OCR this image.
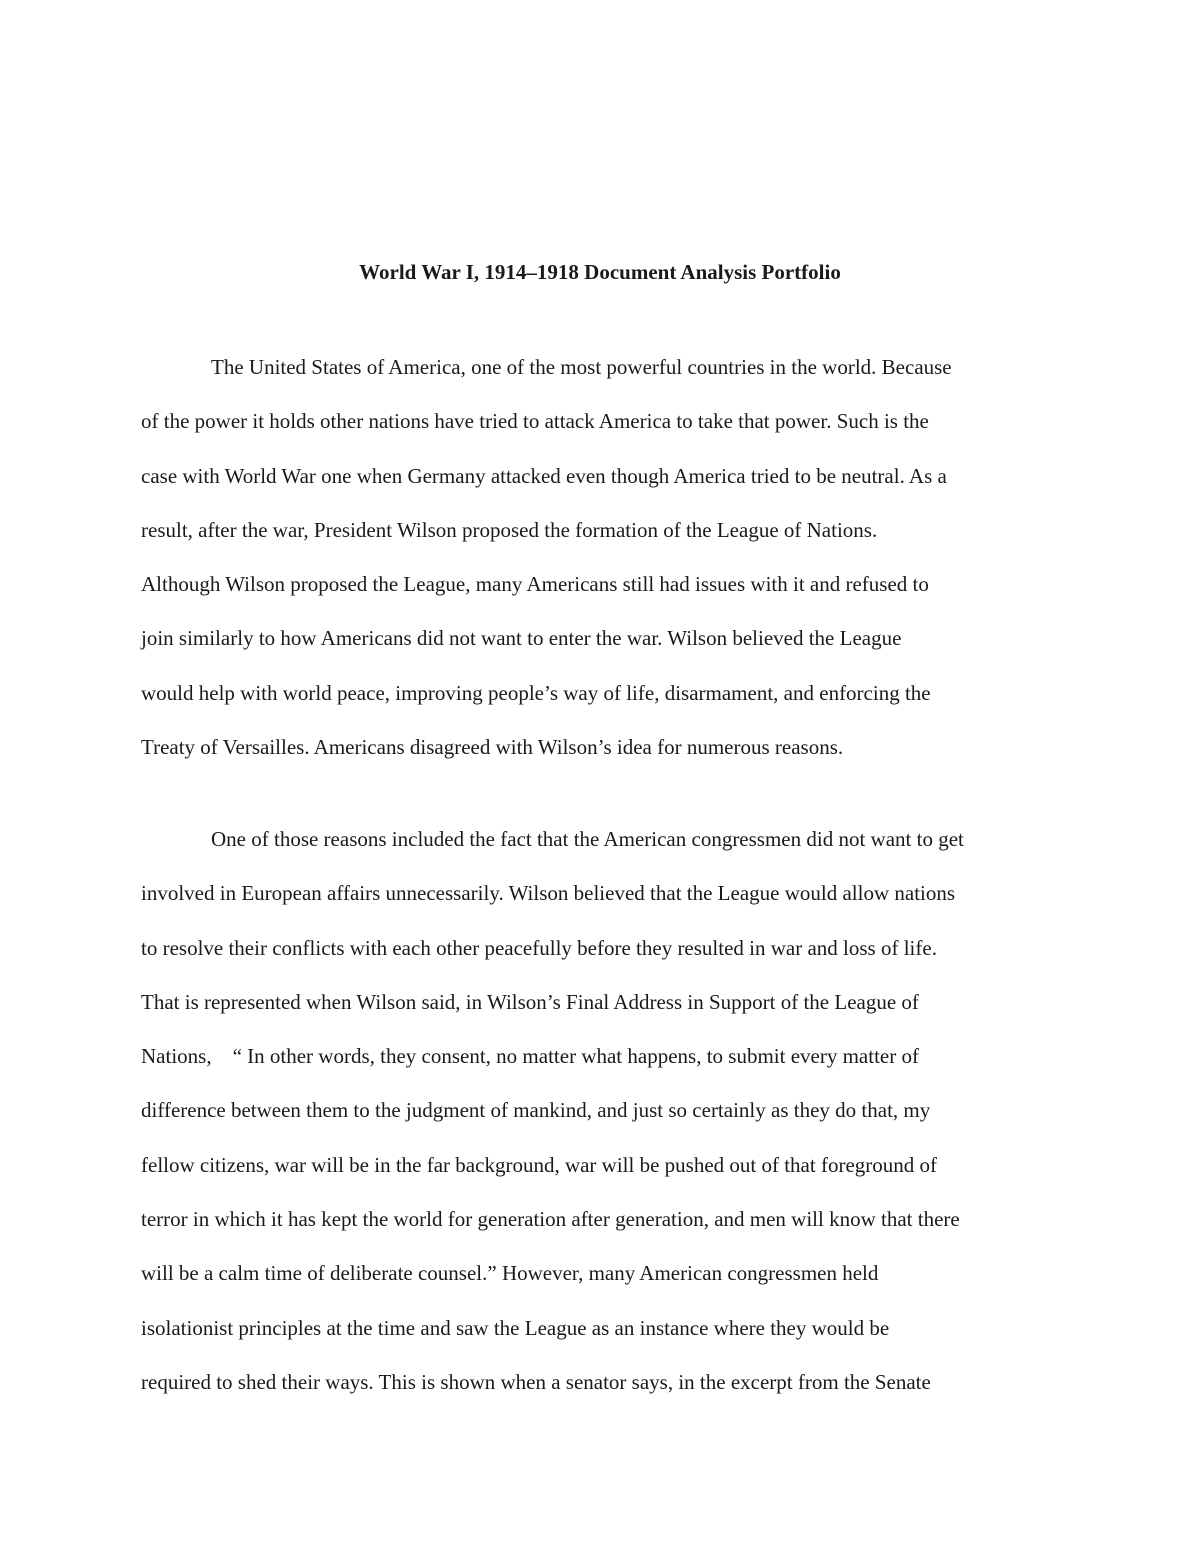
World War I, 1914–1918 Document Analysis Portfolio
The United States of America, one of the most powerful countries in the world. Because
of the power it holds other nations have tried to attack America to take that power. Such is the
case with World War one when Germany attacked even though America tried to be neutral. As a
result, after the war, President Wilson proposed the formation of the League of Nations.
Although Wilson proposed the League, many Americans still had issues with it and refused to
join similarly to how Americans did not want to enter the war. Wilson believed the League
would help with world peace, improving people’s way of life, disarmament, and enforcing the
Treaty of Versailles. Americans disagreed with Wilson’s idea for numerous reasons.
One of those reasons included the fact that the American congressmen did not want to get
involved in European affairs unnecessarily. Wilson believed that the League would allow nations
to resolve their conflicts with each other peacefully before they resulted in war and loss of life.
That is represented when Wilson said, in Wilson’s Final Address in Support of the League of
Nations,    “ In other words, they consent, no matter what happens, to submit every matter of
difference between them to the judgment of mankind, and just so certainly as they do that, my
fellow citizens, war will be in the far background, war will be pushed out of that foreground of
terror in which it has kept the world for generation after generation, and men will know that there
will be a calm time of deliberate counsel.” However, many American congressmen held
isolationist principles at the time and saw the League as an instance where they would be
required to shed their ways. This is shown when a senator says, in the excerpt from the Senate
